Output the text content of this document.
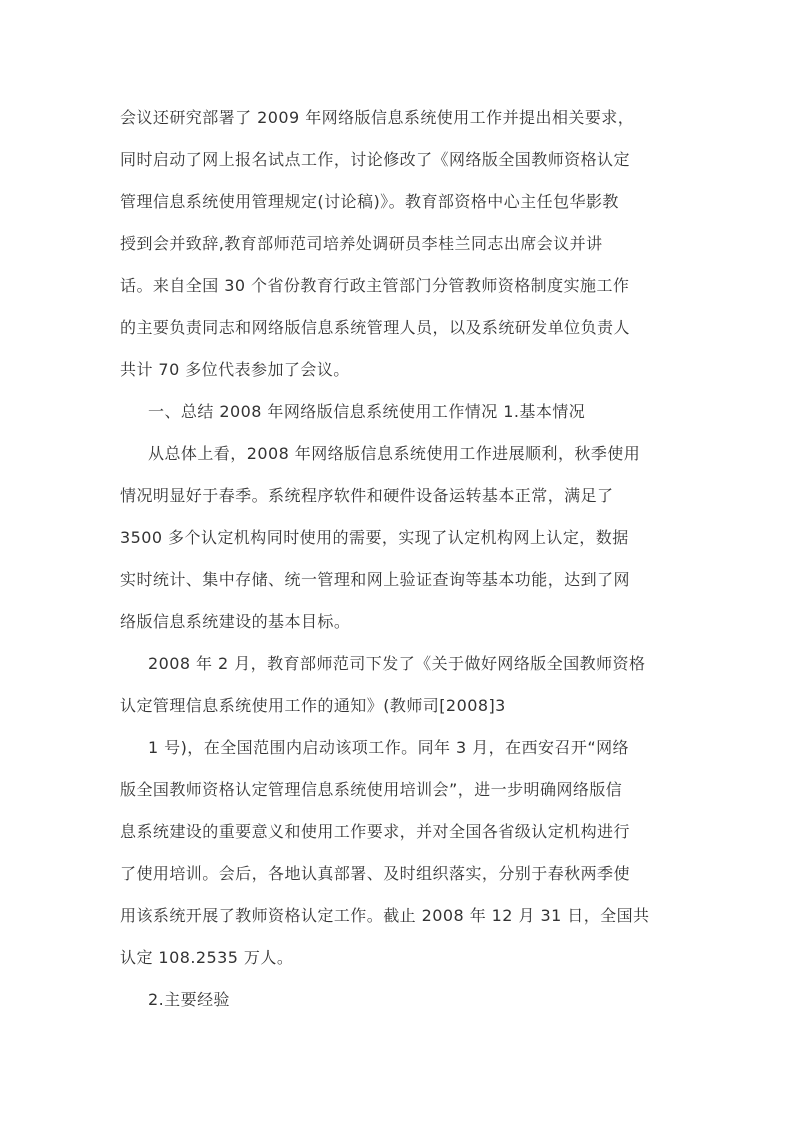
会议还研究部署了 2009 年网络版信息系统使用工作并提出相关要求，
同时启动了网上报名试点工作，讨论修改了《网络版全国教师资格认定
管理信息系统使用管理规定(讨论稿)》。教育部资格中心主任包华影教
授到会并致辞,教育部师范司培养处调研员李桂兰同志出席会议并讲
话。来自全国 30 个省份教育行政主管部门分管教师资格制度实施工作
的主要负责同志和网络版信息系统管理人员，以及系统研发单位负责人
共计 70 多位代表参加了会议。
一、总结 2008 年网络版信息系统使用工作情况 1.基本情况
从总体上看，2008 年网络版信息系统使用工作进展顺利，秋季使用
情况明显好于春季。系统程序软件和硬件设备运转基本正常，满足了
3500 多个认定机构同时使用的需要，实现了认定机构网上认定，数据
实时统计、集中存储、统一管理和网上验证查询等基本功能，达到了网
络版信息系统建设的基本目标。
2008 年 2 月，教育部师范司下发了《关于做好网络版全国教师资格
认定管理信息系统使用工作的通知》(教师司[2008]3
1 号)，在全国范围内启动该项工作。同年 3 月，在西安召开“网络
版全国教师资格认定管理信息系统使用培训会”，进一步明确网络版信
息系统建设的重要意义和使用工作要求，并对全国各省级认定机构进行
了使用培训。会后，各地认真部署、及时组织落实，分别于春秋两季使
用该系统开展了教师资格认定工作。截止 2008 年 12 月 31 日，全国共
认定 108.2535 万人。
2.主要经验
